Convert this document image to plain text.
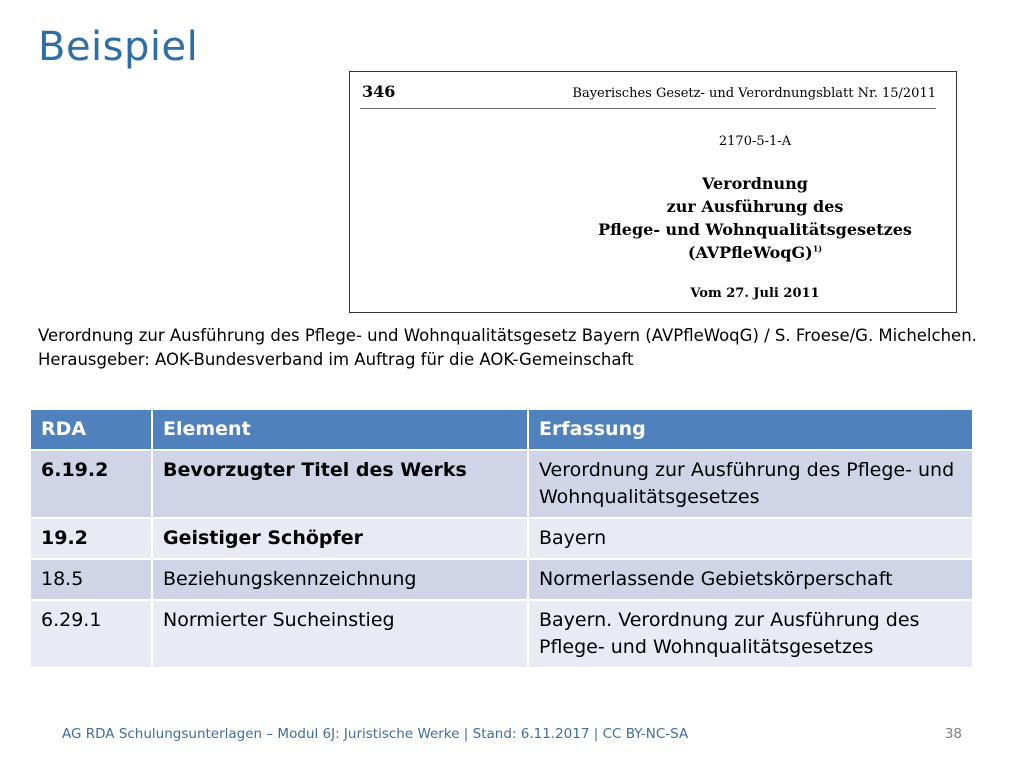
Beispiel
346	Bayerisches Gesetz- und Verordnungsblatt Nr. 15/2011
2170-5-1-A
Verordnung
zur Ausführung des
Pflege- und Wohnqualitätsgesetzes
(AVPfleWoqG)$^{1)}$
Vom 27. Juli 2011
Verordnung zur Ausführung des Pflege- und Wohnqualitätsgesetz Bayern (AVPfleWoqG) / S. Froese/G. Michelchen. Herausgeber: AOK-Bundesverband im Auftrag für die AOK-Gemeinschaft
RDA	Element	Erfassung
6.19.2	Bevorzugter Titel des Werks	Verordnung zur Ausführung des Pflege- und Wohnqualitätsgesetzes
19.2	Geistiger Schöpfer	Bayern
18.5	Beziehungskennzeichnung	Normerlassende Gebietskörperschaft
6.29.1	Normierter Sucheinstieg	Bayern. Verordnung zur Ausführung des Pflege- und Wohnqualitätsgesetzes
AG RDA Schulungsunterlagen – Modul 6J: Juristische Werke | Stand: 6.11.2017 | CC BY-NC-SA	38
